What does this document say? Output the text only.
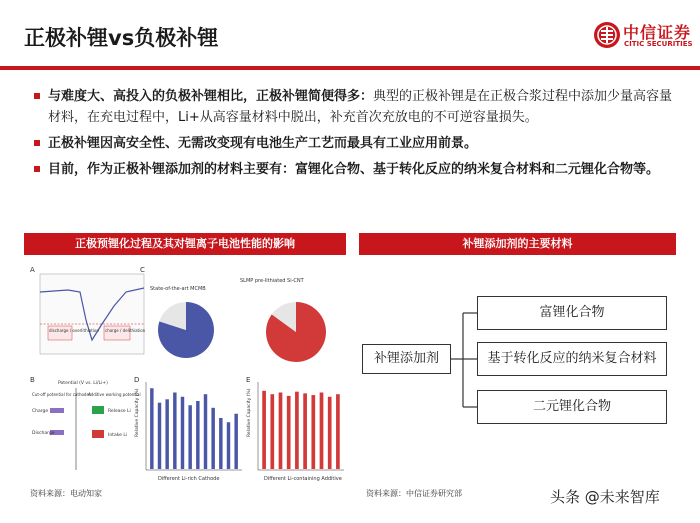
正极补锂vs负极补锂	中信证券
CITIC SECURITIES
与难度大、高投入的负极补锂相比，正极补锂简便得多：典型的正极补锂是在正极合浆过程中添加少量高容量材料，在充电过程中，Li+从高容量材料中脱出，补充首次充放电的不可逆容量损失。
正极补锂因高安全性、无需改变现有电池生产工艺而最具有工业应用前景。
目前，作为正极补锂添加剂的材料主要有：富锂化合物、基于转化反应的纳米复合材料和二元锂化合物等。
正极预锂化过程及其对锂离子电池性能的影响
A
discharge / overlithiation charge / delithiation
B	Potential (V vs. Li/Li+)
Cut-off potential for cathodes
Additive working potential
Charge
Discharge
Release Li
Intake Li
C
State-of-the-art MCMB
SLMP pre-lithiated Si-CNT
D
Relative Capacity (%)
Different Li-rich Cathode
E
Relative Capacity (%)
Different Li-containing Additive
资料来源：电动知家
补锂添加剂的主要材料
补锂添加剂
富锂化合物
基于转化反应的纳米复合材料
二元锂化合物
资料来源：中信证券研究部	头条 @未来智库
